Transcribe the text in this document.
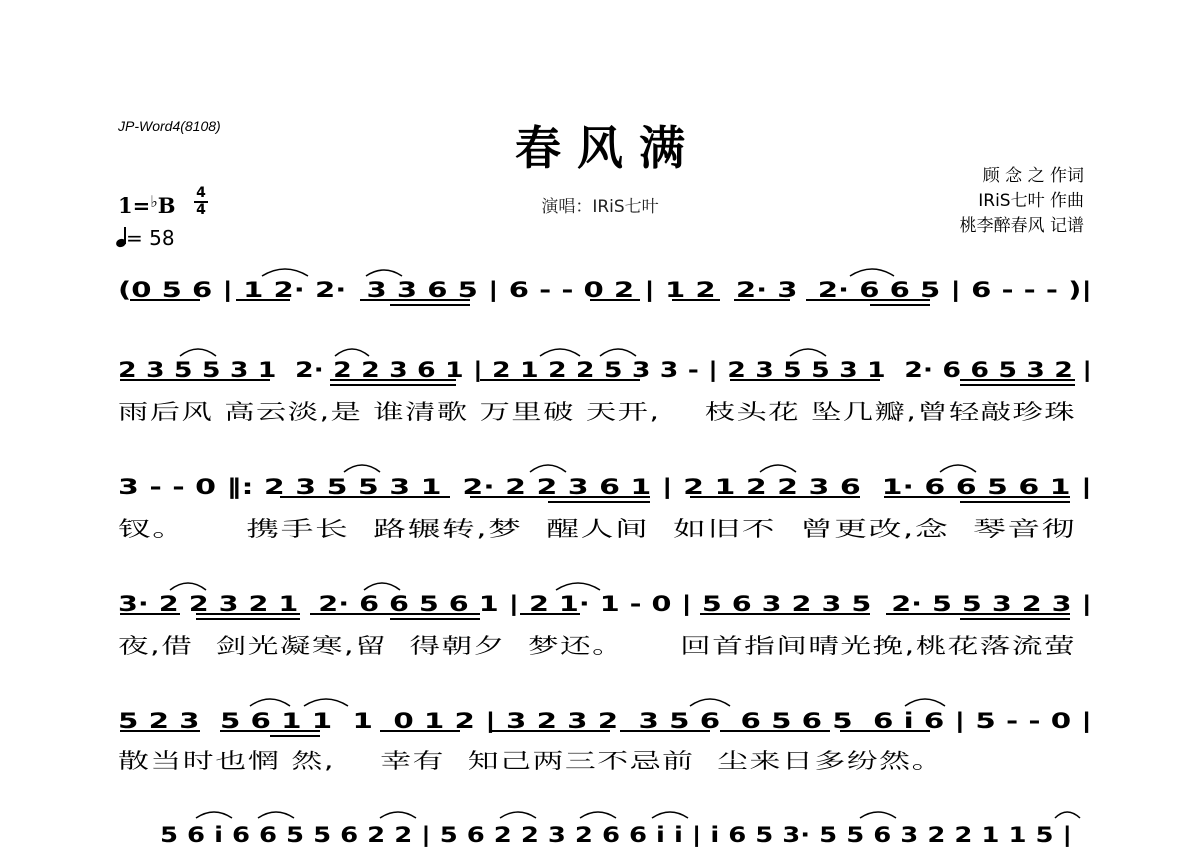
JP-Word4(8108)	春 风 满
演唱：IRiS七叶
顾 念 之 作词
IRiS七叶 作曲
桃李醉春风 记谱
1=♭B 4
4
= 58
(0 5 6 | 1 2· 2·  3 3 6 5 | 6 - - 0 2 | 1 2  2· 3  2· 6 6 5 | 6 - - - )|
2 3 5 5 3 1  2· 2 2 3 6 1 | 2 1 2 2 5 3 3 - | 2 3 5 5 3 1  2· 6 6 5 3 2 |
雨后风 高云淡,是 谁清歌 万里破 天开,    枝头花 坠几瓣,曾轻敲珍珠
3 - - 0 ‖: 2 3 5 5 3 1  2· 2 2 3 6 1 | 2 1 2 2 3 6  1· 6 6 5 6 1 |
钗。     携手长  路辗转,梦  醒人间  如旧不  曾更改,念  琴音彻
3· 2 2 3 2 1  2· 6 6 5 6 1 | 2 1· 1 - 0 | 5 6 3 2 3 5  2· 5 5 3 2 3 |
夜,借  剑光凝寒,留  得朝夕  梦还。     回首指间晴光挽,桃花落流萤
5 2 3  5 6 1 1  1  0 1 2 | 3 2 3 2  3 5 6  6 5 6 5  6 i 6 | 5 - - 0 |
散当时也惘 然,    幸有  知己两三不忌前  尘来日多纷然。
5 6 i 6 6 5 5 6 2 2 | 5 6 2 2 3 2 6 6 i i | i 6 5 3· 5 5 6 3 2 2 1 1 5 |
